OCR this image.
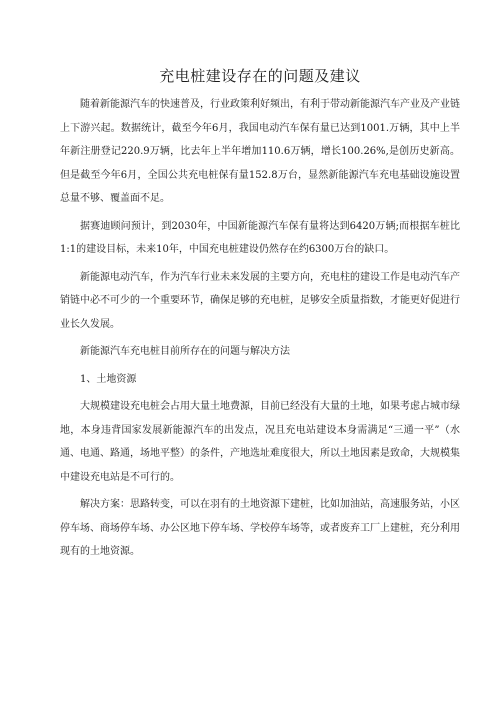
充电桩建设存在的问题及建议

随着新能源汽车的快速普及，行业政策利好频出，有利于带动新能源汽车产业及产业链上下游兴起。数据统计，截至今年6月，我国电动汽车保有量已达到1001.万辆，其中上半年新注册登记220.9万辆，比去年上半年增加110.6万辆，增长100.26%,是创历史新高。但是截至今年6月，全国公共充电桩保有量152.8万台，显然新能源汽车充电基础设施设置总量不够、覆盖面不足。

据赛迪顾问预计，到2030年，中国新能源汽车保有量将达到6420万辆;而根据车桩比1:1的建设目标，未来10年，中国充电桩建设仍然存在约6300万台的缺口。

新能源电动汽车，作为汽车行业未来发展的主要方向，充电柱的建设工作是电动汽车产销链中必不可少的一个重要环节，确保足够的充电桩，足够安全质量指数，才能更好促进行业长久发展。

新能源汽车充电桩目前所存在的问题与解决方法

1、土地资源

大规模建设充电桩会占用大量土地费源，目前已经没有大量的土地，如果考虑占城市绿地，本身违背国家发展新能源汽车的出发点，况且充电站建设本身需满足“三通一平”（水通、电通、路通，场地平整）的条件，产地选址难度很大，所以土地因素是致命，大规模集中建设充电站是不可行的。

解决方案：思路转变，可以在羽有的土地资源下建桩，比如加油站，高速服务站，小区停车场、商场停车场、办公区地下停车场、学校停车场等，或者废弃工厂上建桩，充分利用现有的土地资源。
